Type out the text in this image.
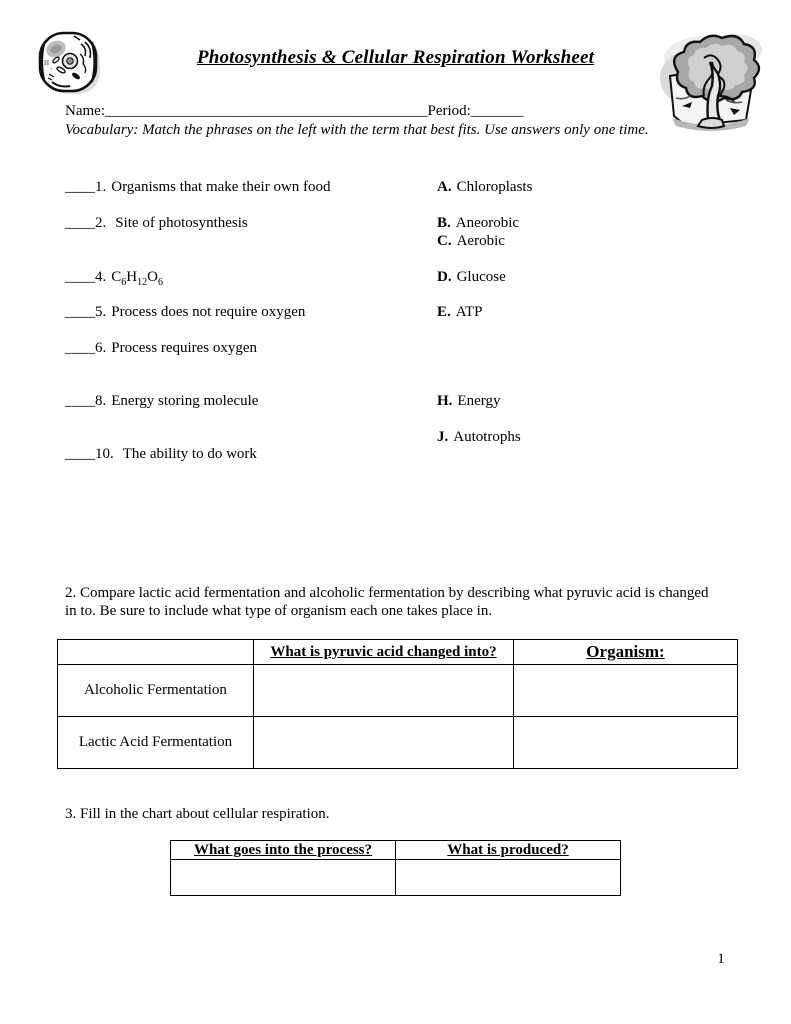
H
₂	Photosynthesis & Cellular Respiration Worksheet
Name:___________________________________________Period:_______
Vocabulary: Match the phrases on the left with the term that best fits. Use answers only one time.
____1. Organisms that make their own food	A. Chloroplasts
____2. Site of photosynthesis	B. Aneorobic
C. Aerobic
____4. $C_6H_{12}O_6$	D. Glucose
____5. Process does not require oxygen	E. ATP
____6. Process requires oxygen
____8. Energy storing molecule	H. Energy
J. Autotrophs
____10. The ability to do work
2. Compare lactic acid fermentation and alcoholic fermentation by describing what pyruvic acid is changed in to. Be sure to include what type of organism each one takes place in.
	What is pyruvic acid changed into?	Organism:
Alcoholic Fermentation		
Lactic Acid Fermentation		
3. Fill in the chart about cellular respiration.
What goes into the process?	What is produced?

1
